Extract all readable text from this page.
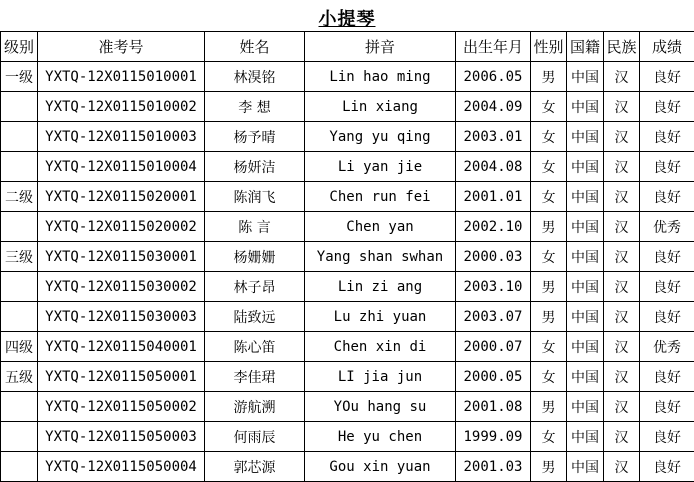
小提琴
级别	准考号	姓名	拼音	出生年月	性别	国籍	民族	成绩
一级	YXTQ-12X0115010001	林湨铭	Lin hao ming	2006.05	男	中国	汉	良好
	YXTQ-12X0115010002	李 想	Lin xiang	2004.09	女	中国	汉	良好
	YXTQ-12X0115010003	杨予晴	Yang yu qing	2003.01	女	中国	汉	良好
	YXTQ-12X0115010004	杨妍洁	Li yan jie	2004.08	女	中国	汉	良好
二级	YXTQ-12X0115020001	陈润飞	Chen run fei	2001.01	女	中国	汉	良好
	YXTQ-12X0115020002	陈 言	Chen yan	2002.10	男	中国	汉	优秀
三级	YXTQ-12X0115030001	杨姗姗	Yang shan swhan	2000.03	女	中国	汉	良好
	YXTQ-12X0115030002	林子昂	Lin zi ang	2003.10	男	中国	汉	良好
	YXTQ-12X0115030003	陆致远	Lu zhi yuan	2003.07	男	中国	汉	良好
四级	YXTQ-12X0115040001	陈心笛	Chen xin di	2000.07	女	中国	汉	优秀
五级	YXTQ-12X0115050001	李佳珺	LI jia jun	2000.05	女	中国	汉	良好
	YXTQ-12X0115050002	游航溯	YOu hang su	2001.08	男	中国	汉	良好
	YXTQ-12X0115050003	何雨辰	He yu chen	1999.09	女	中国	汉	良好
	YXTQ-12X0115050004	郭芯源	Gou xin yuan	2001.03	男	中国	汉	良好
